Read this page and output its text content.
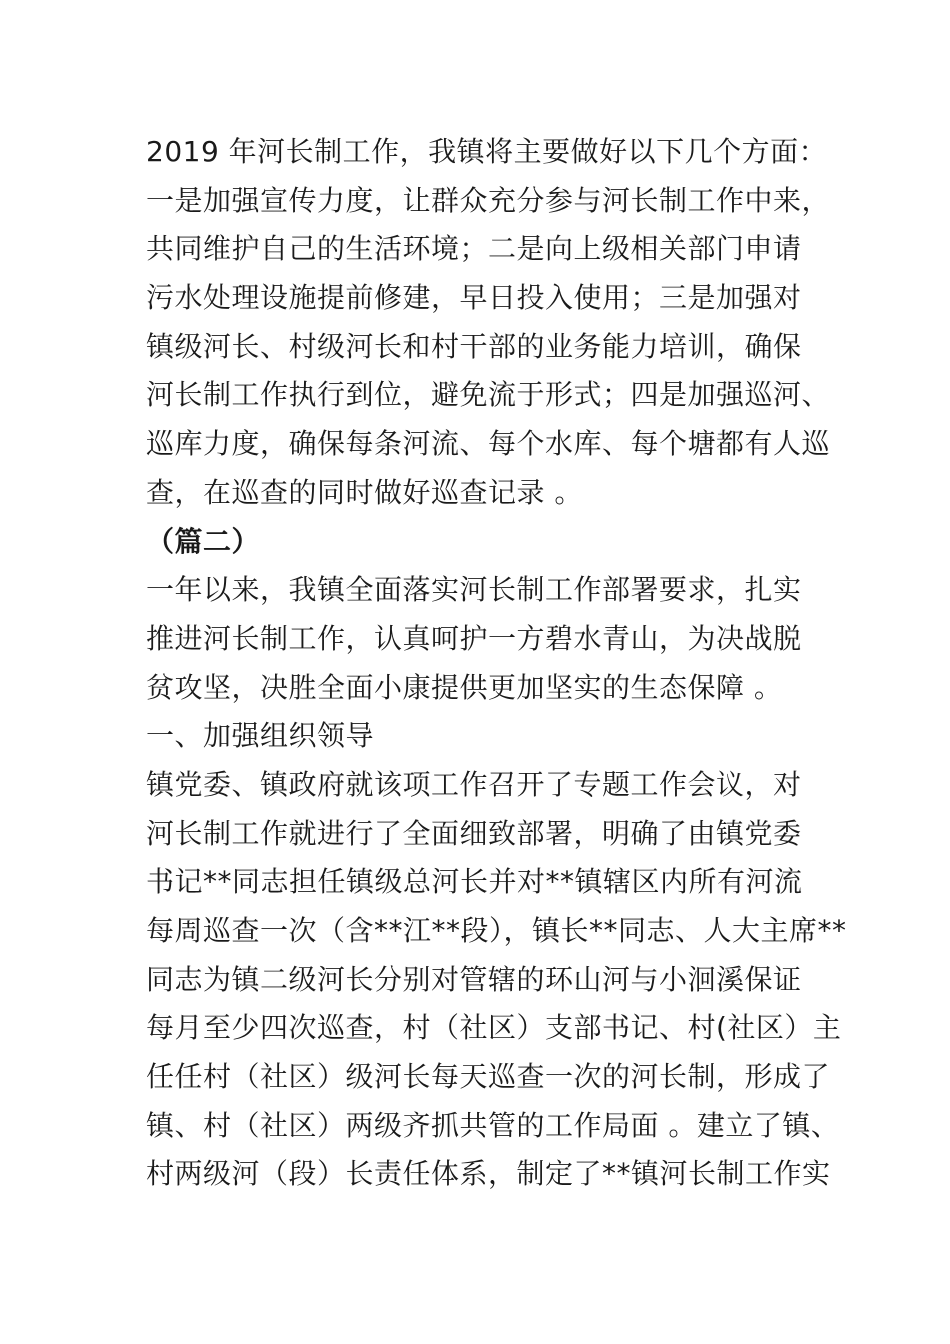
2019 年河长制工作，我镇将主要做好以下几个方面：
一是加强宣传力度，让群众充分参与河长制工作中来，
共同维护自己的生活环境；二是向上级相关部门申请
污水处理设施提前修建，早日投入使用；三是加强对
镇级河长、村级河长和村干部的业务能力培训，确保
河长制工作执行到位，避免流于形式；四是加强巡河、
巡库力度，确保每条河流、每个水库、每个塘都有人巡
查，在巡查的同时做好巡查记录 。
（篇二）
一年以来，我镇全面落实河长制工作部署要求，扎实
推进河长制工作，认真呵护一方碧水青山，为决战脱
贫攻坚，决胜全面小康提供更加坚实的生态保障 。
一、加强组织领导
镇党委、镇政府就该项工作召开了专题工作会议，对
河长制工作就进行了全面细致部署，明确了由镇党委
书记**同志担任镇级总河长并对**镇辖区内所有河流
每周巡查一次（含**江**段），镇长**同志、人大主席**
同志为镇二级河长分别对管辖的环山河与小洄溪保证
每月至少四次巡查，村（社区）支部书记、村(社区）主
任任村（社区）级河长每天巡查一次的河长制，形成了
镇、村（社区）两级齐抓共管的工作局面 。建立了镇、
村两级河（段）长责任体系，制定了**镇河长制工作实
